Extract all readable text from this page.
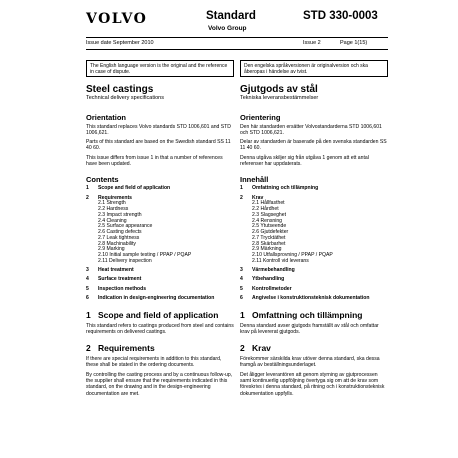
VOLVO	Standard
Volvo Group
STD 330-0003
Issue date September 2010	Issue 2	Page 1(15)
The English language version is the original and the reference in case of dispute.
Den engelska språkversionen är originalversion och ska åberopas i händelse av tvist.
Steel castings
Technical delivery specifications
Orientation
This standard replaces Volvo standards STD 1006,601 and STD 1006,621.
Parts of this standard are based on the Swedish standard SS 11 40 60.
This issue differs from issue 1 in that a number of references have been updated.
Contents
1	Scope and field of application
2	Requirements
2.1 Strength
2.2 Hardness
2.3 Impact strength
2.4 Cleaning
2.5 Surface appearance
2.6 Casting defects
2.7 Leak tightness
2.8 Machinability
2.9 Marking
2.10 Initial sample testing / PPAP / PQAP
2.11 Delivery inspection
3	Heat treatment
4	Surface treatment
5	Inspection methods
6	Indication in design-engineering documentation
1 Scope and field of application
This standard refers to castings produced from steel and contains requirements on delivered castings.
2 Requirements
If there are special requirements in addition to this standard, these shall be stated in the ordering documents.
By controlling the casting process and by a continuous follow-up, the supplier shall ensure that the requirements indicated in this standard, on the drawing and in the design-engineering documentation are met.
Gjutgods av stål
Tekniska leveransbestämmelser
Orientering
Den här standarden ersätter Volvostandarderna STD 1006,601 och STD 1006,621.
Delar av standarden är baserade på den svenska standarden SS 11 40 60.
Denna utgåva skiljer sig från utgåva 1 genom att ett antal referenser har uppdaterats.
Innehåll
1	Omfattning och tillämpning
2	Krav
2.1 Hållfasthet
2.2 Hårdhet
2.3 Slagseghet
2.4 Rensning
2.5 Ytutseende
2.6 Gjutdefekter
2.7 Trycktäthet
2.8 Skärbarhet
2.9 Märkning
2.10 Utfallsprovning / PPAP / PQAP
2.11 Kontroll vid leverans
3	Värmebehandling
4	Ytbehandling
5	Kontrollmetoder
6	Angivelse i konstruktionsteknisk dokumentation
1 Omfattning och tillämpning
Denna standard avser gjutgods framställt av stål och omfattar krav på levererat gjutgods.
2 Krav
Förekommer särskilda krav utöver denna standard, ska dessa framgå av beställningsunderlaget.
Det åligger leverantören att genom styrning av gjutprocessen samt kontinuerlig uppföljning övertyga sig om att de krav som föreskrivs i denna standard, på ritning och i konstruktionsteknisk dokumentation uppfylls.
